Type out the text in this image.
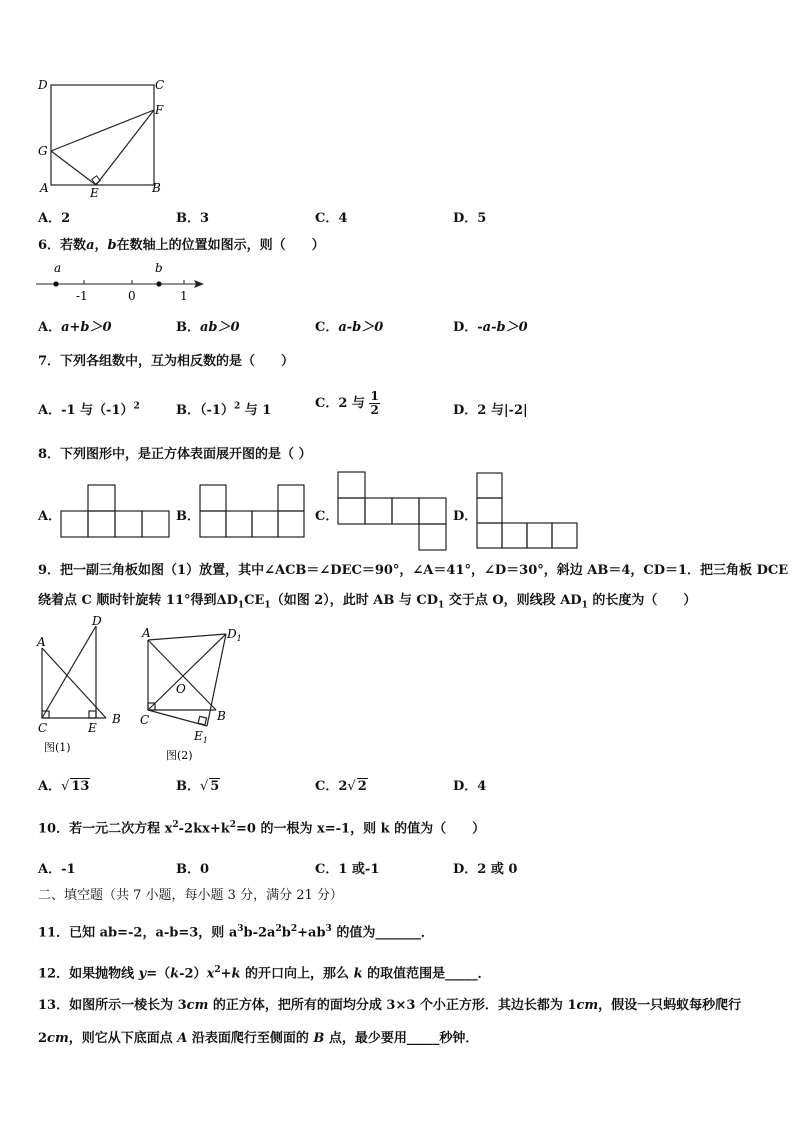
D	C
F
G
A	E	B
A．2	B．3	C．4	D．5
6．若数a，b在数轴上的位置如图示，则（　　）
a	b
-1	0	1
A．a+b＞0	B．ab＞0	C．a-b＞0	D．-a-b＞0
7．下列各组数中，互为相反数的是（　　）
A．-1 与$(-1)^2$	B．$(-1)^2$ 与 1	C．2 与 $\frac{1}{2}$	D．2 与|-2|
8．下列图形中，是正方体表面展开图的是（ ）
A．	B．	C．	D．
9．把一副三角板如图（1）放置，其中∠ACB＝∠DEC＝90°，∠A＝41°，∠D＝30°，斜边 AB＝4，CD＝1．把三角板 DCE
绕着点 C 顺时针旋转 11°得到$\Delta D_1CE_1$（如图 2），此时 AB 与 $CD_1$ 交于点 O，则线段 $AD_1$ 的长度为（　　）
D
A
C	E
B
图(1)
A	$D_1$
O
C	B
$E_1$
图(2)
A．√ 13	B．√ 5	C．2√ 2	D．4
10．若一元二次方程 $x^2-2kx+k^2=0$ 的一根为 x=-1，则 k 的值为（　　）
A．-1	B．0	C．1 或-1	D．2 或 0
二、填空题（共 7 小题，每小题 3 分，满分 21 分）
11．已知 ab=-2，a-b=3，则 $a^3b-2a^2b^2+ab^3$ 的值为_______．
12．如果抛物线 $y=(k-2)x^2+k$ 的开口向上，那么 k 的取值范围是_____．
13．如图所示一棱长为 3cm 的正方体，把所有的面均分成 3×3 个小正方形．其边长都为 1cm，假设一只蚂蚁每秒爬行
2cm，则它从下底面点 A 沿表面爬行至侧面的 B 点，最少要用_____秒钟．
